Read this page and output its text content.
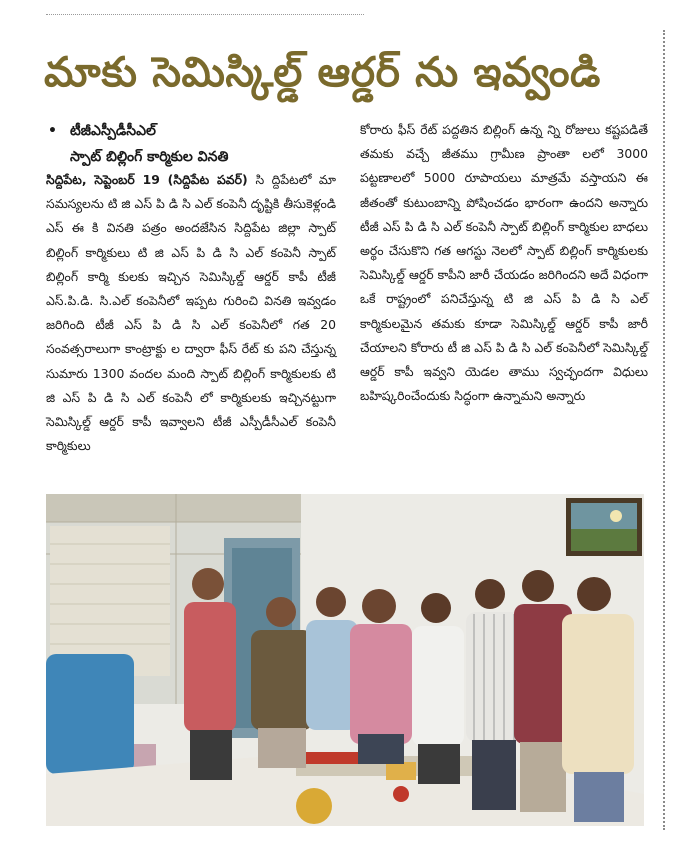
మాకు సెమిస్కిల్డ్ ఆర్డర్ ను ఇవ్వండి
• టీజీఎస్పీడీసీఎల్
స్పాట్ బిల్లింగ్ కార్మికుల వినతి
సిద్దిపేట, సెప్టెంబర్ 19 (సిద్దిపేట పవర్) సి ద్దిపేటలో మా సమస్యలను టి జి ఎస్ పి డి సి ఎల్ కంపెనీ దృష్టికి తీసుకెళ్లండి ఎస్ ఈ కి వినతి పత్రం అందజేసిన సిద్దిపేట జిల్లా స్పాట్ బిల్లింగ్ కార్మికులు టి జి ఎస్ పి డి సి ఎల్ కంపెనీ స్పాట్ బిల్లింగ్ కార్మి కులకు ఇచ్చిన సెమిస్కిల్డ్ ఆర్డర్ కాపీ టీజీ ఎస్.పి.డి. సి.ఎల్ కంపెనీలో ఇప్పట గురించి వినతి ఇవ్వడం జరిగింది టీజీ ఎస్ పి డి సి ఎల్ కంపెనీలో గత 20 సంవత్సరాలుగా కాంట్రాక్టు ల ద్వారా ఫీస్ రేట్ కు పని చేస్తున్న సుమారు 1300 వందల మంది స్పాట్ బిల్లింగ్ కార్మికులకు టి జి ఎస్ పి డి సి ఎల్ కంపెనీ లో కార్మికులకు ఇచ్చినట్టుగా సెమిస్కిల్డ్ ఆర్డర్ కాపీ ఇవ్వాలని టీజీ ఎస్పీడీసీఎల్ కంపెనీ కార్మికులు
కోరారు ఫీస్ రేట్ పద్దతిన బిల్లింగ్ ఉన్న న్ని రోజులు కష్టపడితే తమకు వచ్చే జీతము గ్రామీణ ప్రాంతా లలో 3000 పట్టణాలలో 5000 రూపాయలు మాత్రమే వస్తాయని ఈ జీతంతో కుటుంబాన్ని పోషించడం భారంగా ఉందని అన్నారు టీజీ ఎస్ పి డి సి ఎల్ కంపెనీ స్పాట్ బిల్లింగ్ కార్మికుల బాధలు అర్థం చేసుకొని గత ఆగస్టు నెలలో స్పాట్ బిల్లింగ్ కార్మికులకు సెమిస్కిల్డ్ ఆర్డర్ కాపీని జారీ చేయడం జరిగిందని అదే విధంగా ఒకే రాష్ట్రంలో పనిచేస్తున్న టి జి ఎస్ పి డి సి ఎల్ కార్మికులమైన తమకు కూడా సెమిస్కిల్డ్ ఆర్డర్ కాపీ జారీ చేయాలని కోరారు టీ జి ఎస్ పి డి సి ఎల్ కంపెనీలో సెమిస్కిల్డ్ ఆర్డర్ కాపీ ఇవ్వని యెడల తాము స్వచ్ఛందగా విధులు బహిష్కరించేందుకు సిద్ధంగా ఉన్నామని అన్నారు
